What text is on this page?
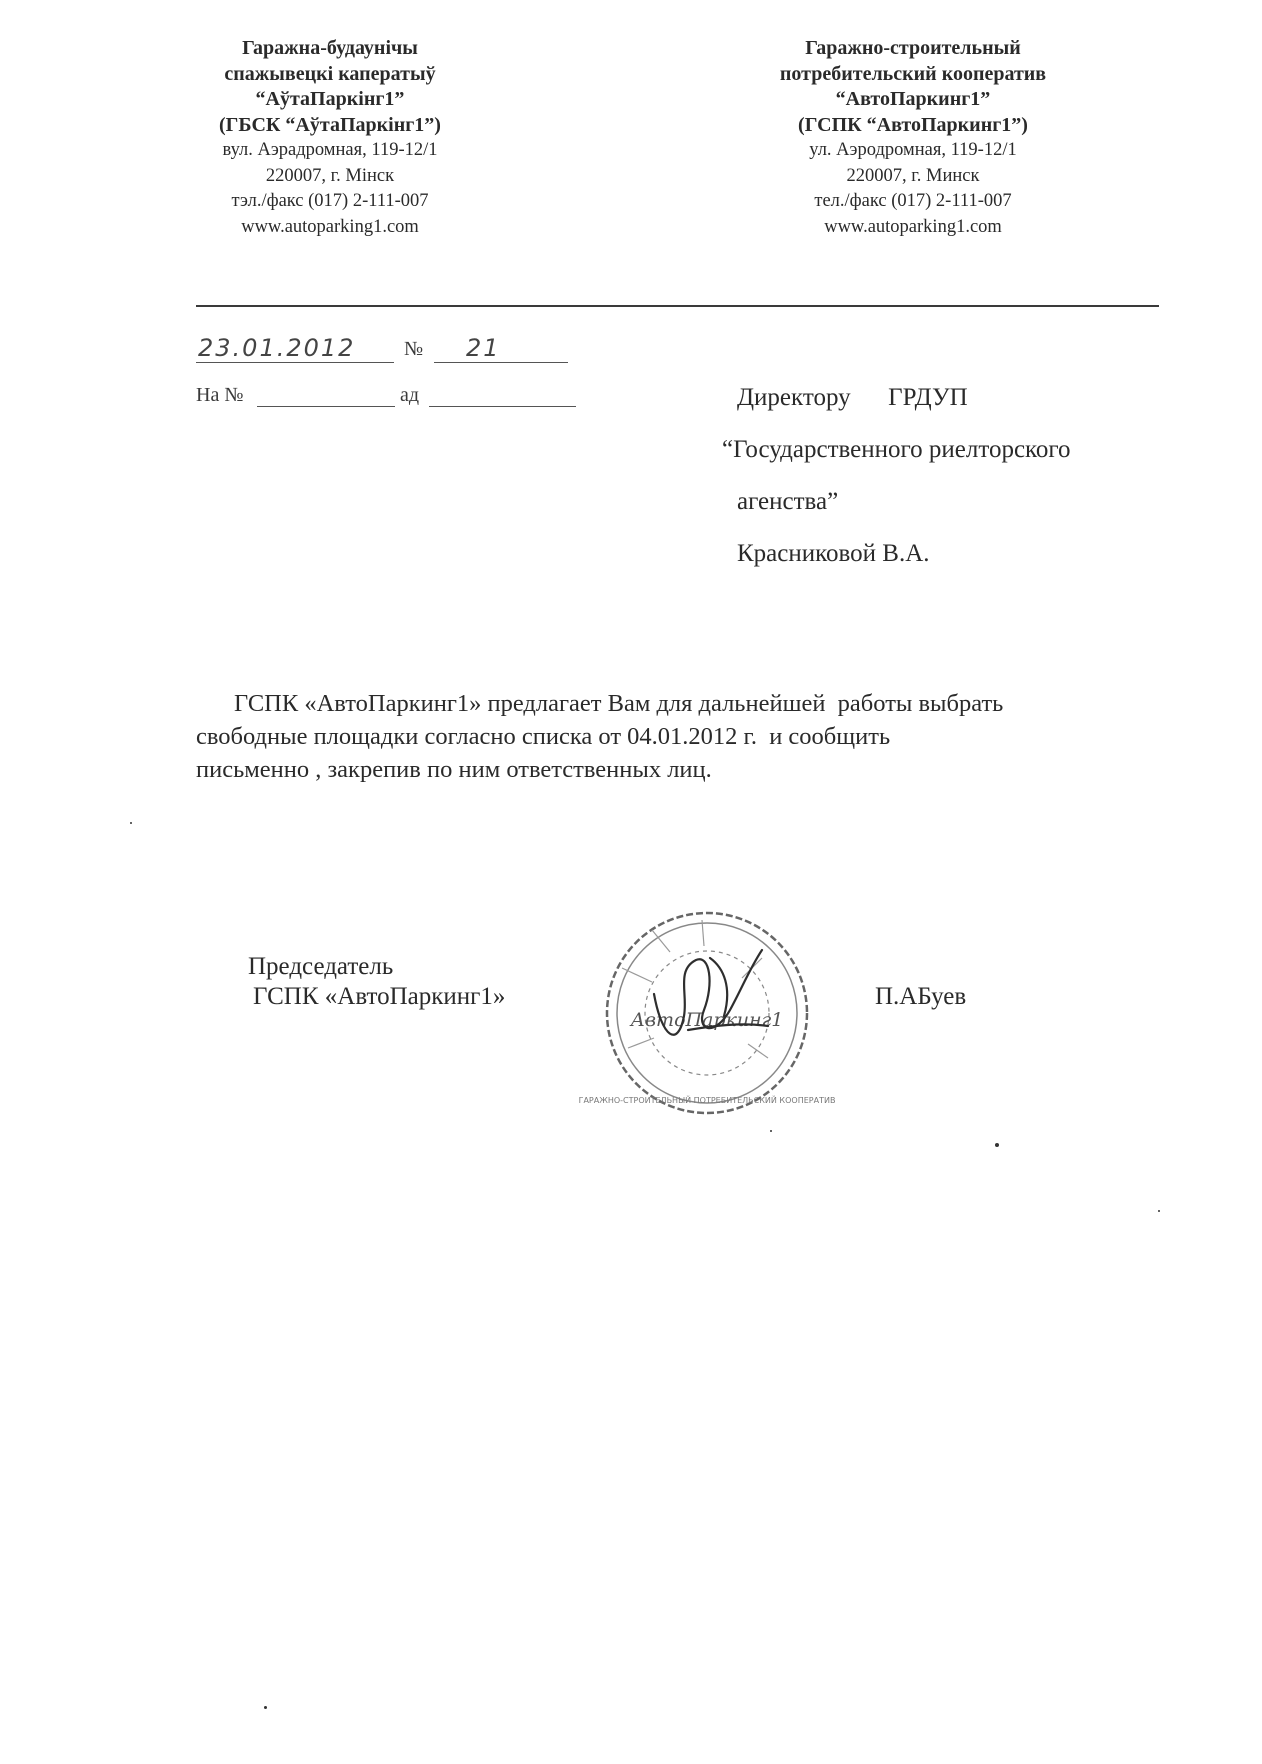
Гаражна-будаунічы
спажывецкі каператыў
“АўтаПаркінг1”
(ГБСК “АўтаПаркінг1”)
вул. Аэрадромная, 119-12/1
220007, г. Мінск
тэл./факс (017) 2-111-007
www.autoparking1.com
Гаражно-строительный
потребительский кооператив
“АвтоПаркинг1”
(ГСПК “АвтоПаркинг1”)
ул. Аэродромная, 119-12/1
220007, г. Минск
тел./факс (017) 2-111-007
www.autoparking1.com
23.01.2012 № 21
На №	ад	Директору      ГРДУП
“Государственного риелторского
агенства”
Красниковой В.А.
ГСПК «АвтоПаркинг1» предлагает Вам для дальнейшей  работы выбрать
свободные площадки согласно списка от 04.01.2012 г.  и сообщить
письменно , закрепив по ним ответственных лиц.
Председатель
ГСПК «АвтоПаркинг1»	П.АБуев
АвтоПаркинг1
ГАРАЖНО-СТРОИТЕЛЬНЫЙ ПОТРЕБИТЕЛЬСКИЙ КООПЕРАТИВ
